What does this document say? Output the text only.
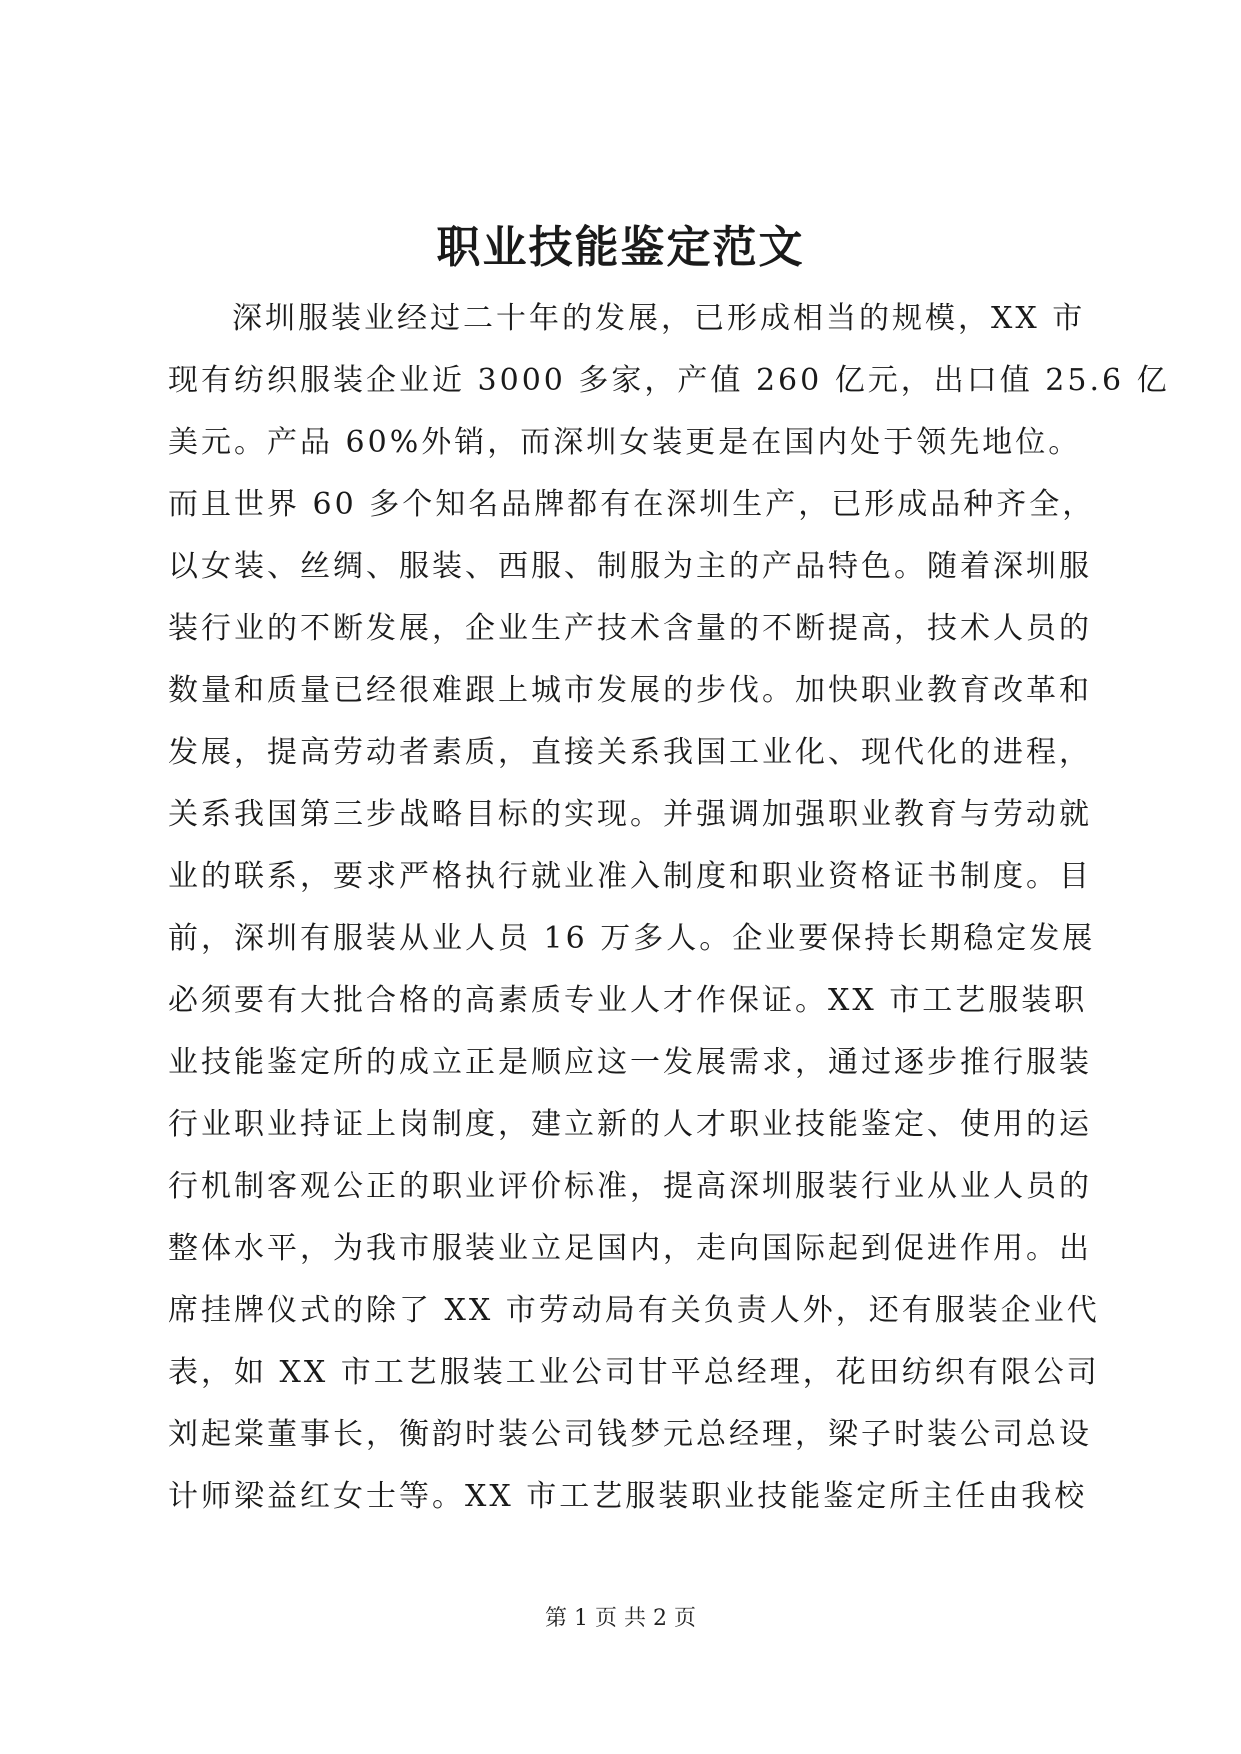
职业技能鉴定范文
深圳服装业经过二十年的发展，已形成相当的规模，XX 市
现有纺织服装企业近 3000 多家，产值 260 亿元，出口值 25.6 亿
美元。产品 60%外销，而深圳女装更是在国内处于领先地位。
而且世界 60 多个知名品牌都有在深圳生产，已形成品种齐全，
以女装、丝绸、服装、西服、制服为主的产品特色。随着深圳服
装行业的不断发展，企业生产技术含量的不断提高，技术人员的
数量和质量已经很难跟上城市发展的步伐。加快职业教育改革和
发展，提高劳动者素质，直接关系我国工业化、现代化的进程，
关系我国第三步战略目标的实现。并强调加强职业教育与劳动就
业的联系，要求严格执行就业准入制度和职业资格证书制度。目
前，深圳有服装从业人员 16 万多人。企业要保持长期稳定发展
必须要有大批合格的高素质专业人才作保证。XX 市工艺服装职
业技能鉴定所的成立正是顺应这一发展需求，通过逐步推行服装
行业职业持证上岗制度，建立新的人才职业技能鉴定、使用的运
行机制客观公正的职业评价标准，提高深圳服装行业从业人员的
整体水平，为我市服装业立足国内，走向国际起到促进作用。出
席挂牌仪式的除了 XX 市劳动局有关负责人外，还有服装企业代
表，如 XX 市工艺服装工业公司甘平总经理，花田纺织有限公司
刘起棠董事长，衡韵时装公司钱梦元总经理，梁子时装公司总设
计师梁益红女士等。XX 市工艺服装职业技能鉴定所主任由我校
第 1 页 共 2 页
